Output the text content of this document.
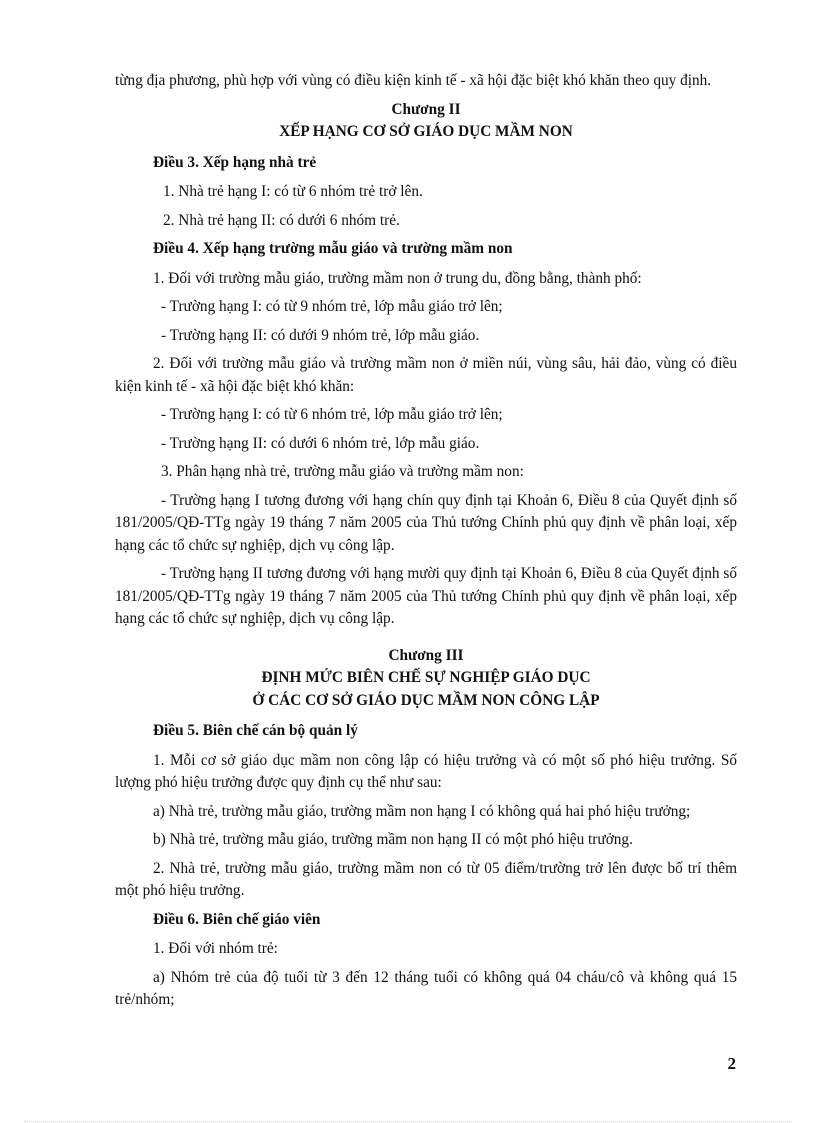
từng địa phương, phù hợp với vùng có điều kiện kinh tế - xã hội đặc biệt khó khăn theo quy định.

Chương II

XẾP HẠNG CƠ SỞ GIÁO DỤC MẦM NON

Điều 3. Xếp hạng nhà trẻ

1. Nhà trẻ hạng I: có từ 6 nhóm trẻ trở lên.

2. Nhà trẻ hạng II: có dưới 6 nhóm trẻ.

Điều 4. Xếp hạng trường mẫu giáo và trường mầm non

1. Đối với trường mẫu giáo, trường mầm non ở trung du, đồng bằng, thành phố:

- Trường hạng I: có từ 9 nhóm trẻ, lớp mẫu giáo trở lên;

- Trường hạng II: có dưới 9 nhóm trẻ, lớp mẫu giáo.

2. Đối với trường mẫu giáo và trường mầm non ở miền núi, vùng sâu, hải đảo, vùng có điều kiện kinh tế - xã hội đặc biệt khó khăn:

- Trường hạng I: có từ 6 nhóm trẻ, lớp mẫu giáo trở lên;

- Trường hạng II: có dưới 6 nhóm trẻ, lớp mẫu giáo.

3. Phân hạng nhà trẻ, trường mẫu giáo và trường mầm non:

- Trường hạng I tương đương với hạng chín quy định tại Khoản 6, Điều 8 của Quyết định số 181/2005/QĐ-TTg ngày 19 tháng 7 năm 2005 của Thủ tướng Chính phủ quy định về phân loại, xếp hạng các tổ chức sự nghiệp, dịch vụ công lập.

- Trường hạng II tương đương với hạng mười quy định tại Khoản 6, Điều 8 của Quyết định số 181/2005/QĐ-TTg ngày 19 tháng 7 năm 2005 của Thủ tướng Chính phủ quy định về phân loại, xếp hạng các tổ chức sự nghiệp, dịch vụ công lập.

Chương III

ĐỊNH MỨC BIÊN CHẾ SỰ NGHIỆP GIÁO DỤC

Ở CÁC CƠ SỞ GIÁO DỤC MẦM NON CÔNG LẬP

Điều 5. Biên chế cán bộ quản lý

1. Mỗi cơ sở giáo dục mầm non công lập có hiệu trưởng và có một số phó hiệu trưởng. Số lượng phó hiệu trưởng được quy định cụ thể như sau:

a) Nhà trẻ, trường mẫu giáo, trường mầm non hạng I có không quá hai phó hiệu trưởng;

b) Nhà trẻ, trường mẫu giáo, trường mầm non hạng II có một phó hiệu trưởng.

2. Nhà trẻ, trường mẫu giáo, trường mầm non có từ 05 điểm/trường trở lên được bố trí thêm một phó hiệu trưởng.

Điều 6. Biên chế giáo viên

1. Đối với nhóm trẻ:

a) Nhóm trẻ của độ tuổi từ 3 đến 12 tháng tuổi có không quá 04 cháu/cô và không quá 15 trẻ/nhóm;

2
